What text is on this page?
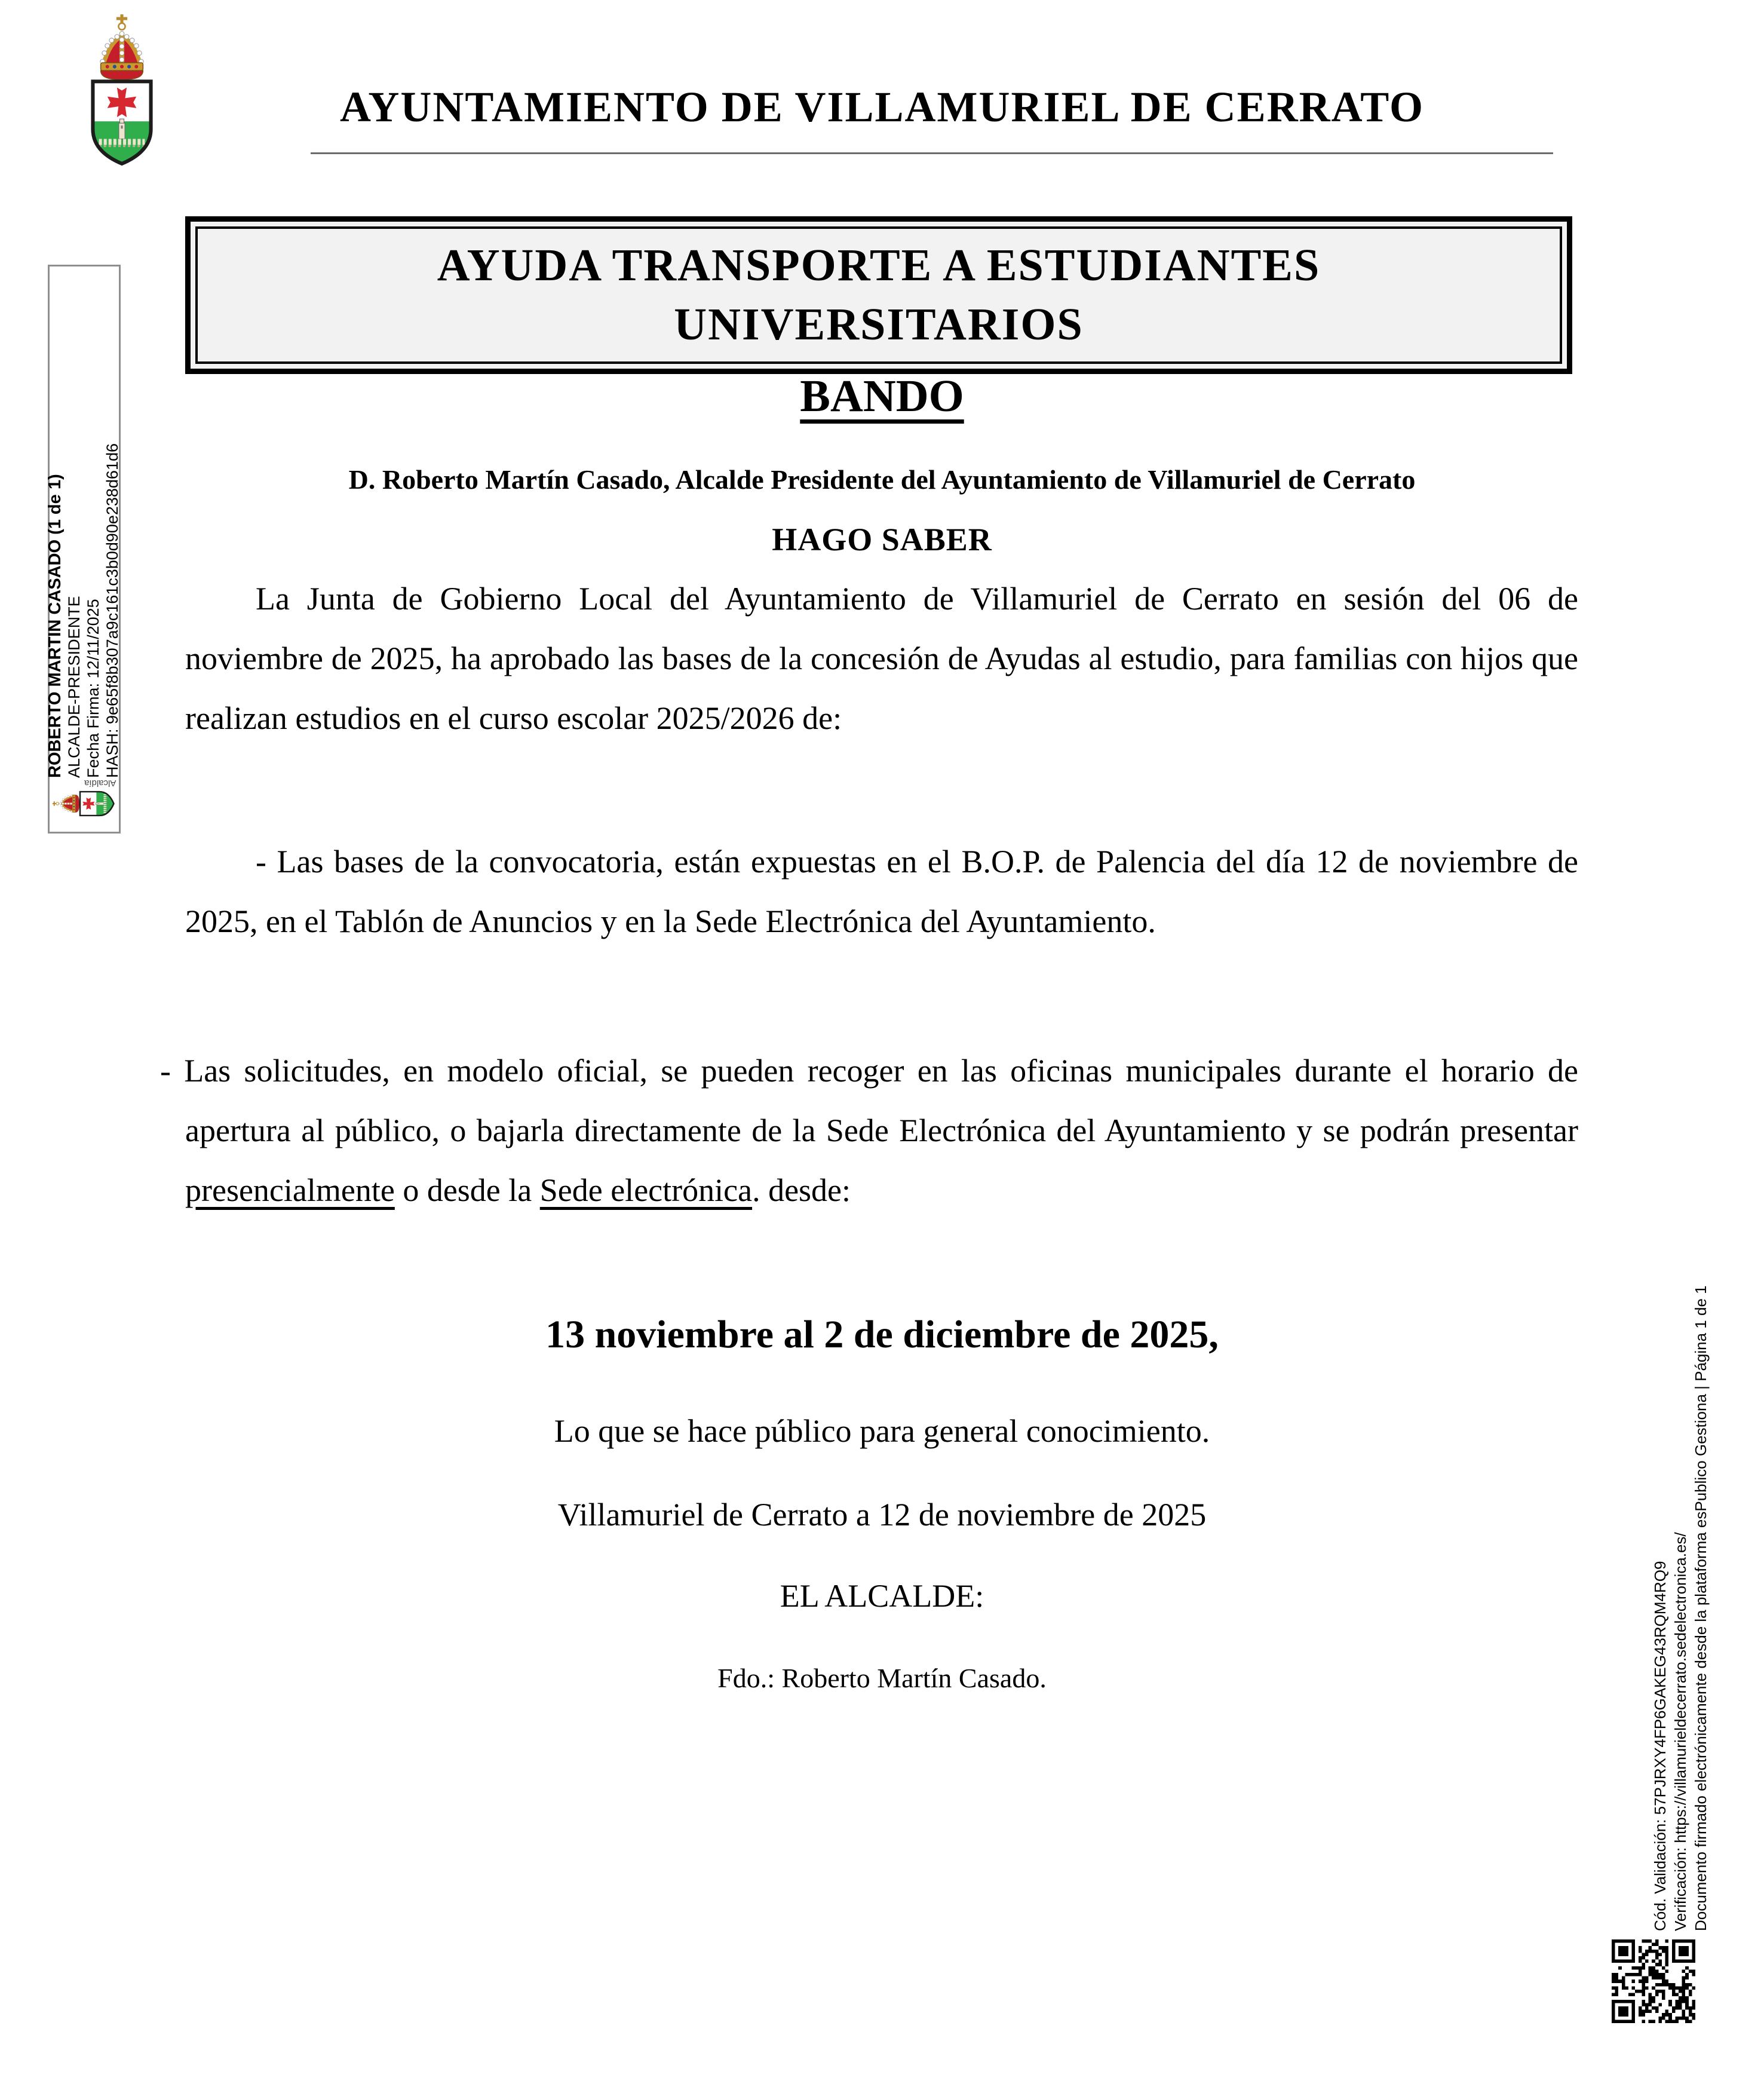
AYUNTAMIENTO DE VILLAMURIEL DE CERRATO
AYUDA TRANSPORTE A ESTUDIANTES
UNIVERSITARIOS
BANDO
D. Roberto Martín Casado, Alcalde Presidente del Ayuntamiento de Villamuriel de Cerrato
HAGO SABER
La Junta de Gobierno Local del Ayuntamiento de Villamuriel de Cerrato en sesión del 06 de noviembre de 2025, ha aprobado las bases de la concesión de Ayudas al estudio, para familias con hijos que realizan estudios en el curso escolar 2025/2026 de:
- Las bases de la convocatoria, están expuestas en el B.O.P. de Palencia del día 12 de noviembre de 2025, en el Tablón de Anuncios y en la Sede Electrónica del Ayuntamiento.
- Las solicitudes, en modelo oficial, se pueden recoger en las oficinas municipales durante el horario de apertura al público, o bajarla directamente de la Sede Electrónica del Ayuntamiento y se podrán presentar presencialmente o desde la Sede electrónica. desde:
13 noviembre al 2 de diciembre de 2025,
Lo que se hace público para general conocimiento.
Villamuriel de Cerrato a 12 de noviembre de 2025
EL ALCALDE:
Fdo.: Roberto Martín Casado.
ROBERTO MARTIN CASADO (1 de 1) ALCALDE-PRESIDENTE Fecha Firma: 12/11/2025 HASH: 9e65f8b307a9c161c3b0d90e238d61d6
Alcaldía
Cód. Validación: 57PJRXY4FP6GAKEG43RQM4RQ9 Verificación: https://villamurieldecerrato.sedelectronica.es/ Documento firmado electrónicamente desde la plataforma esPublico Gestiona | Página 1 de 1
